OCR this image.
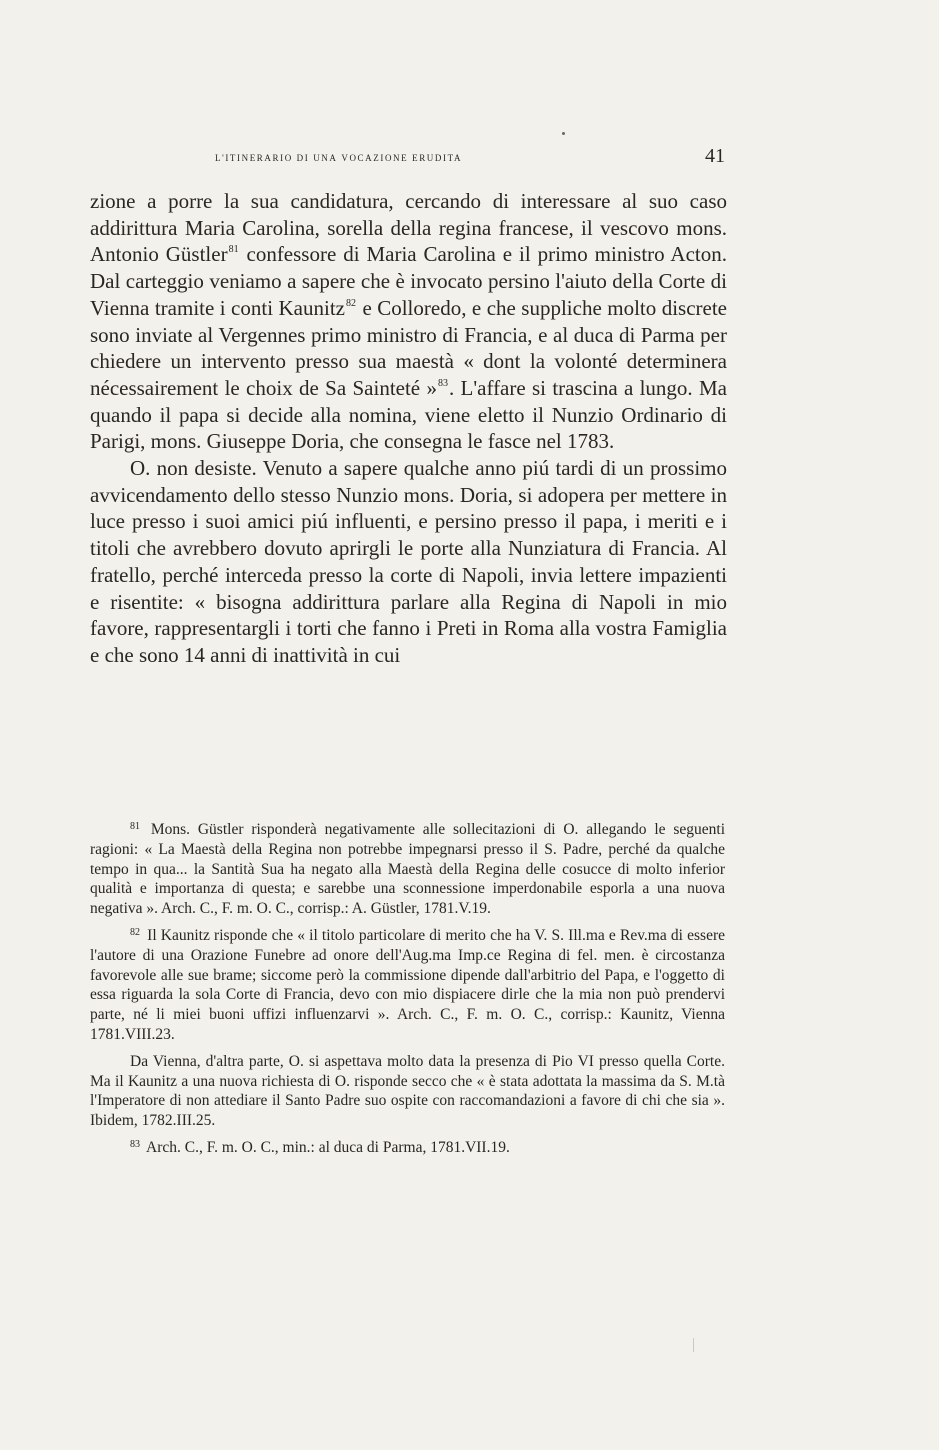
l'itinerario di una vocazione erudita	41

zione a porre la sua candidatura, cercando di interessare al suo caso addirittura Maria Carolina, sorella della regina francese, il vescovo mons. Antonio Güstler$^{81}$ confessore di Maria Carolina e il primo ministro Acton. Dal carteggio veniamo a sapere che è invocato persino l'aiuto della Corte di Vienna tramite i conti Kaunitz$^{82}$ e Colloredo, e che suppliche molto discrete sono inviate al Vergennes primo ministro di Francia, e al duca di Parma per chiedere un intervento presso sua maestà « dont la volonté determinera nécessairement le choix de Sa Sainteté »$^{83}$. L'affare si trascina a lungo. Ma quando il papa si decide alla nomina, viene eletto il Nunzio Ordinario di Parigi, mons. Giuseppe Doria, che consegna le fasce nel 1783.

O. non desiste. Venuto a sapere qualche anno piú tardi di un prossimo avvicendamento dello stesso Nunzio mons. Doria, si adopera per mettere in luce presso i suoi amici piú influenti, e persino presso il papa, i meriti e i titoli che avrebbero dovuto aprirgli le porte alla Nunziatura di Francia. Al fratello, perché interceda presso la corte di Napoli, invia lettere impazienti e risentite: « bisogna addirittura parlare alla Regina di Napoli in mio favore, rappresentargli i torti che fanno i Preti in Roma alla vostra Famiglia e che sono 14 anni di inattività in cui

$^{81}$ Mons. Güstler risponderà negativamente alle sollecitazioni di O. allegando le seguenti ragioni: « La Maestà della Regina non potrebbe impegnarsi presso il S. Padre, perché da qualche tempo in qua... la Santità Sua ha negato alla Maestà della Regina delle cosucce di molto inferior qualità e importanza di questa; e sarebbe una sconnessione imperdonabile esporla a una nuova negativa ». Arch. C., F. m. O. C., corrisp.: A. Güstler, 1781.V.19.

$^{82}$ Il Kaunitz risponde che « il titolo particolare di merito che ha V. S. Ill.ma e Rev.ma di essere l'autore di una Orazione Funebre ad onore dell'Aug.ma Imp.ce Regina di fel. men. è circostanza favorevole alle sue brame; siccome però la commissione dipende dall'arbitrio del Papa, e l'oggetto di essa riguarda la sola Corte di Francia, devo con mio dispiacere dirle che la mia non può prendervi parte, né li miei buoni uffizi influenzarvi ». Arch. C., F. m. O. C., corrisp.: Kaunitz, Vienna 1781.VIII.23.

Da Vienna, d'altra parte, O. si aspettava molto data la presenza di Pio VI presso quella Corte. Ma il Kaunitz a una nuova richiesta di O. risponde secco che « è stata adottata la massima da S. M.tà l'Imperatore di non attediare il Santo Padre suo ospite con raccomandazioni a favore di chi che sia ». Ibidem, 1782.III.25.

$^{83}$ Arch. C., F. m. O. C., min.: al duca di Parma, 1781.VII.19.
